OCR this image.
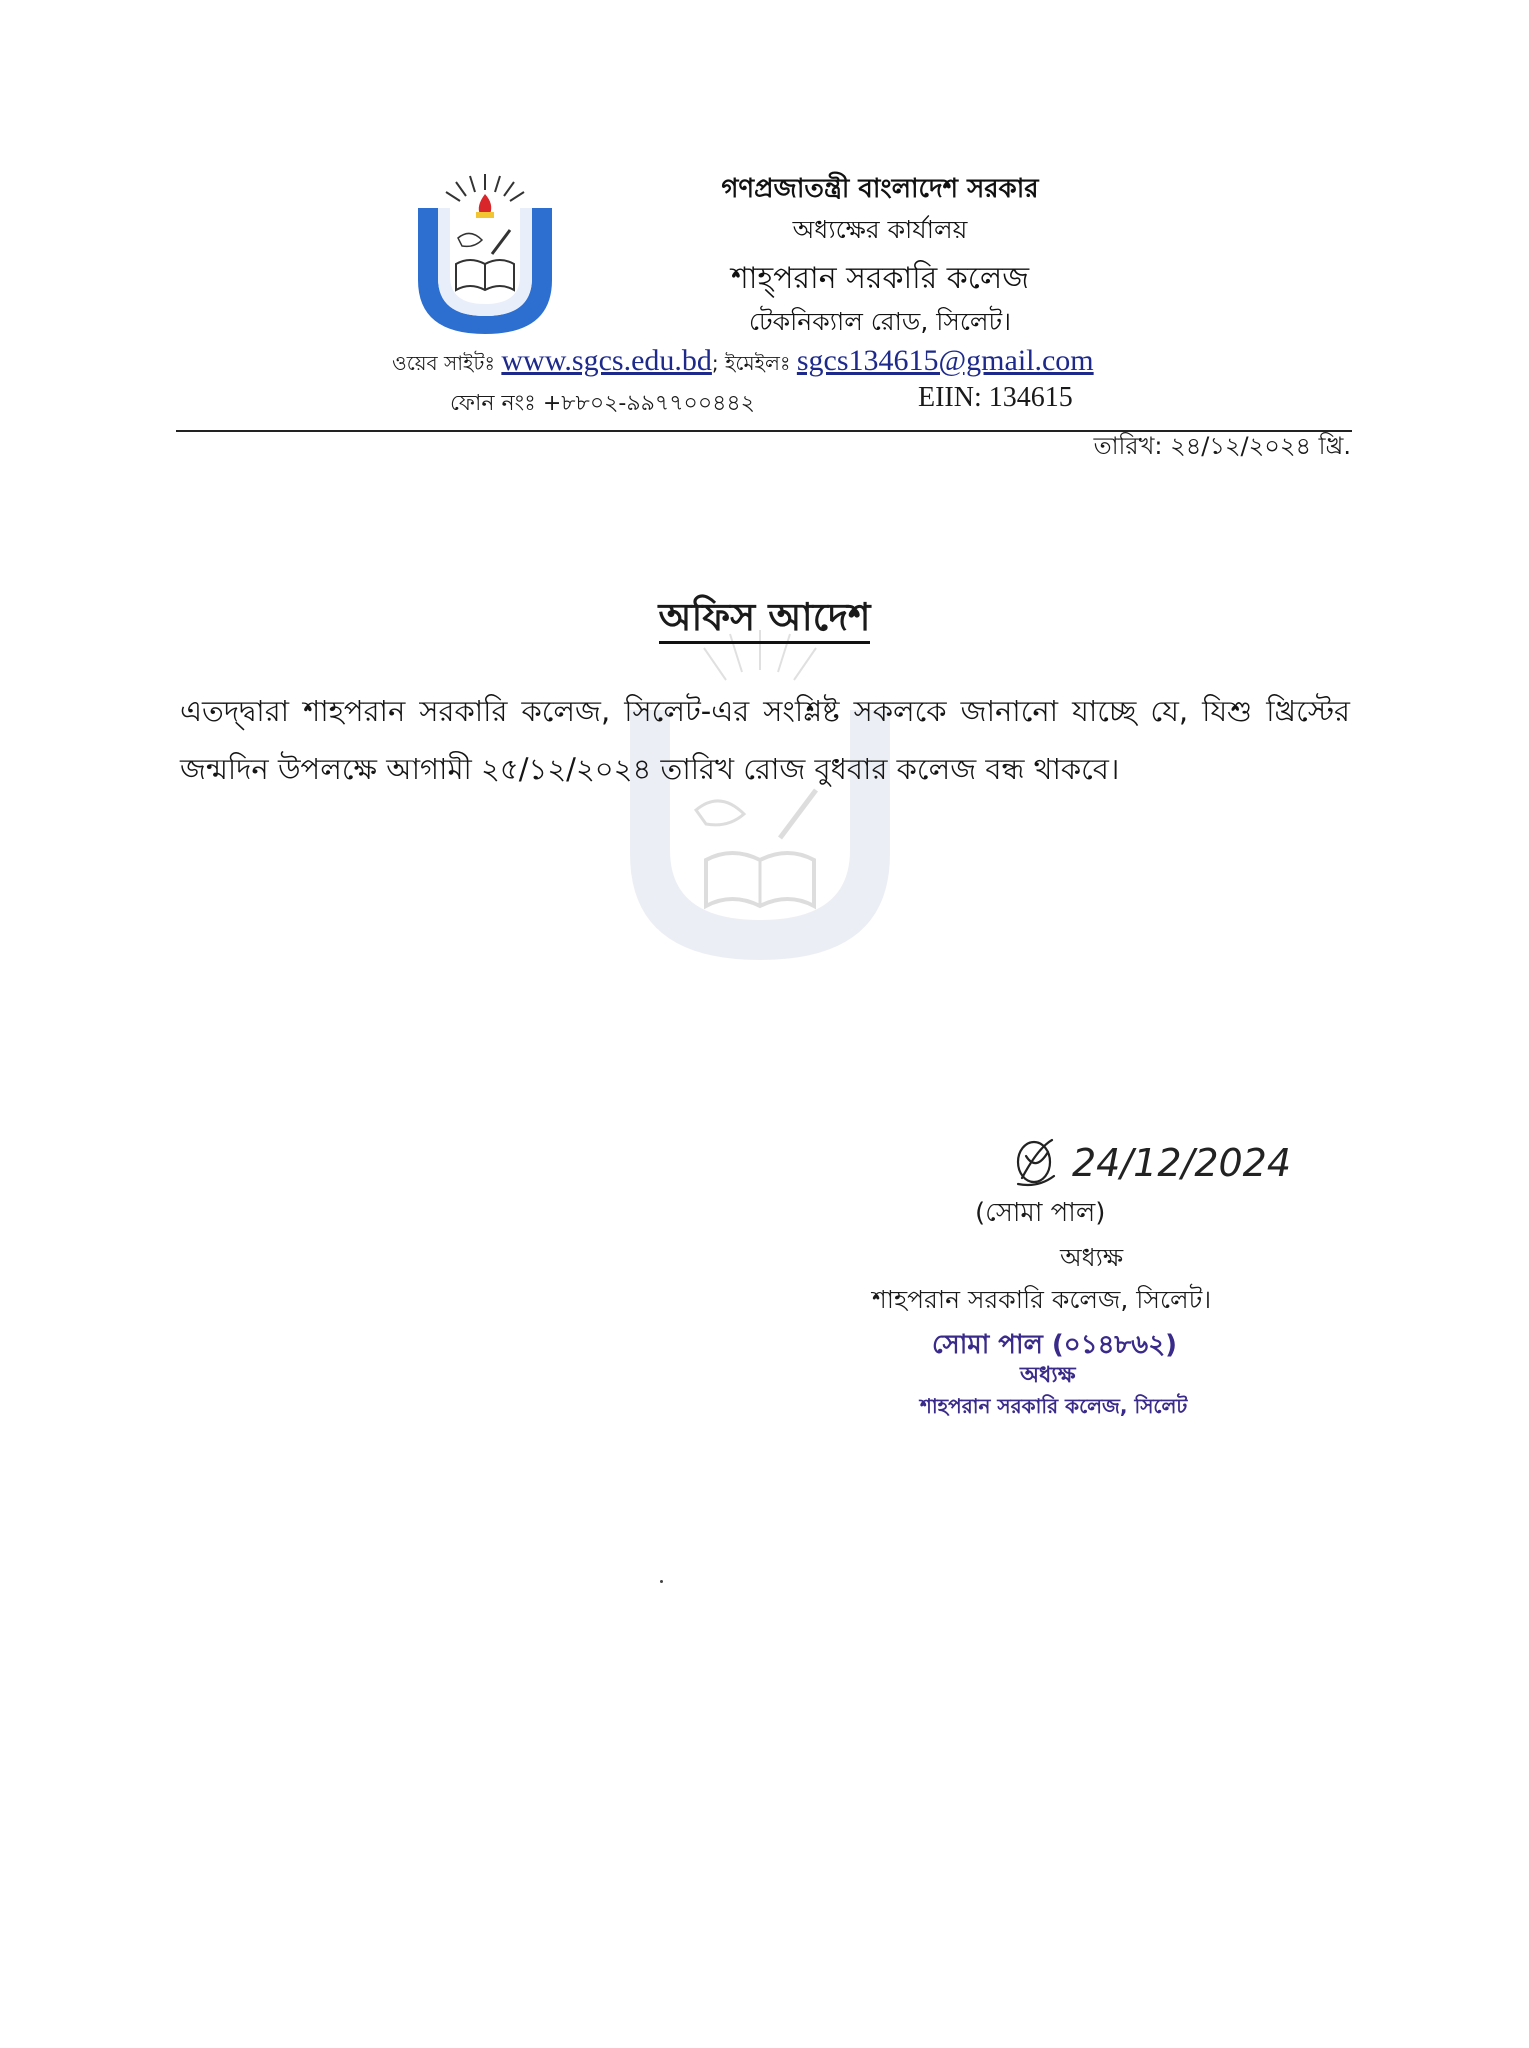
গণপ্রজাতন্ত্রী বাংলাদেশ সরকার
অধ্যক্ষের কার্যালয়
শাহ্পরান সরকারি কলেজ
টেকনিক্যাল রোড, সিলেট।
ওয়েব সাইটঃ www.sgcs.edu.bd; ইমেইলঃ sgcs134615@gmail.com
ফোন নংঃ +৮৮০২-৯৯৭৭০০৪৪২	EIIN: 134615
তারিখ: ২৪/১২/২০২৪ খ্রি.
অফিস আদেশ
এতদ্দ্বারা শাহপরান সরকারি কলেজ, সিলেট-এর সংশ্লিষ্ট সকলকে জানানো যাচ্ছে যে, যিশু খ্রিস্টের জন্মদিন উপলক্ষে আগামী ২৫/১২/২০২৪ তারিখ রোজ বুধবার কলেজ বন্ধ থাকবে।
24/12/2024
(সোমা পাল)
অধ্যক্ষ
শাহপরান সরকারি কলেজ, সিলেট।
সোমা পাল (০১৪৮৬২)
অধ্যক্ষ
শাহপরান সরকারি কলেজ, সিলেট
